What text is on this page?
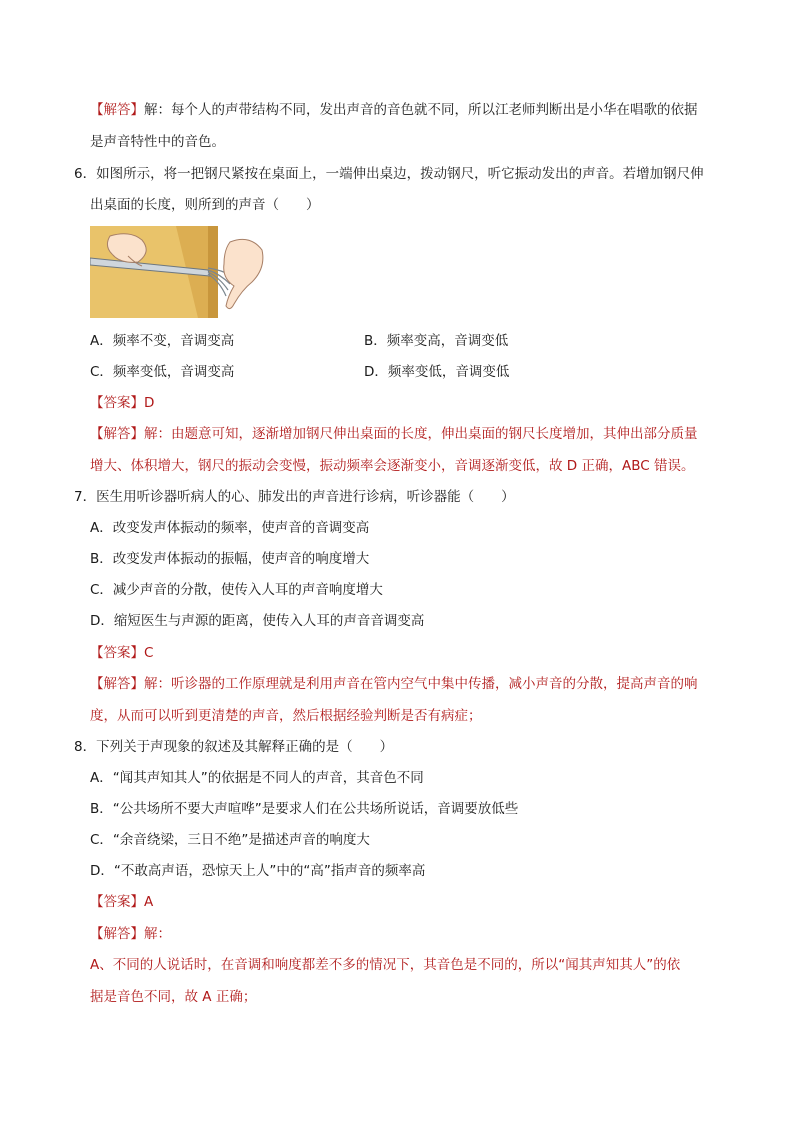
【解答】解：每个人的声带结构不同，发出声音的音色就不同，所以江老师判断出是小华在唱歌的依据
是声音特性中的音色。
6．如图所示，将一把钢尺紧按在桌面上，一端伸出桌边，拨动钢尺，听它振动发出的声音。若增加钢尺伸
出桌面的长度，则所到的声音（　　）
A．频率不变，音调变高	B．频率变高，音调变低
C．频率变低，音调变高	D．频率变低，音调变低
【答案】D
【解答】解：由题意可知，逐渐增加钢尺伸出桌面的长度，伸出桌面的钢尺长度增加，其伸出部分质量
增大、体积增大，钢尺的振动会变慢，振动频率会逐渐变小，音调逐渐变低，故 D 正确，ABC 错误。
7．医生用听诊器听病人的心、肺发出的声音进行诊病，听诊器能（　　）
A．改变发声体振动的频率，使声音的音调变高
B．改变发声体振动的振幅，使声音的响度增大
C．减少声音的分散，使传入人耳的声音响度增大
D．缩短医生与声源的距离，使传入人耳的声音音调变高
【答案】C
【解答】解：听诊器的工作原理就是利用声音在管内空气中集中传播，减小声音的分散，提高声音的响
度，从而可以听到更清楚的声音，然后根据经验判断是否有病症；
8．下列关于声现象的叙述及其解释正确的是（　　）
A．“闻其声知其人”的依据是不同人的声音，其音色不同
B．“公共场所不要大声喧哗”是要求人们在公共场所说话，音调要放低些
C．“余音绕梁，三日不绝”是描述声音的响度大
D．“不敢高声语，恐惊天上人”中的“高”指声音的频率高
【答案】A
【解答】解：
A、不同的人说话时，在音调和响度都差不多的情况下，其音色是不同的，所以“闻其声知其人”的依
据是音色不同，故 A 正确；
